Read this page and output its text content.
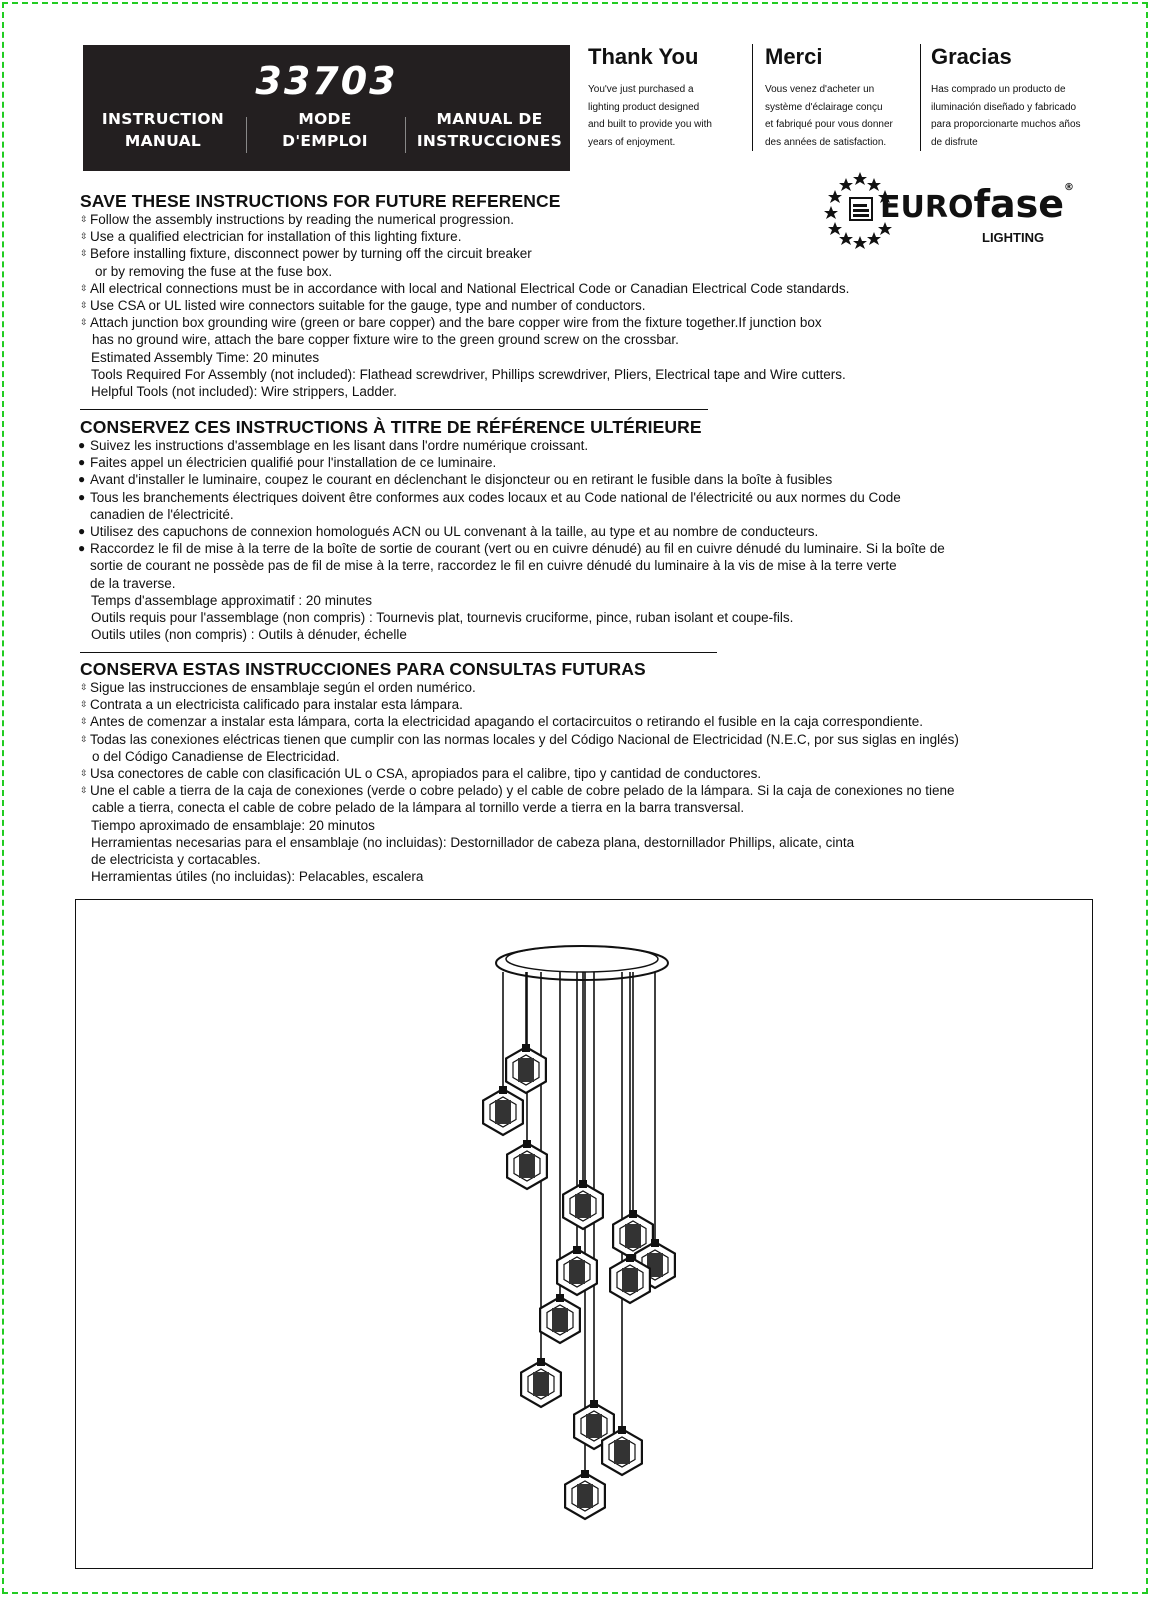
33703
INSTRUCTION
MANUAL
MODE
D'EMPLOI
MANUAL DE
INSTRUCCIONES
Thank You
You've just purchased a
lighting product designed
and built to provide you with
years of enjoyment.
Merci
Vous venez d'acheter un
système d'éclairage conçu
et fabriqué pour vous donner
des années de satisfaction.
Gracias
Has comprado un producto de
iluminación diseñado y fabricado
para proporcionarte muchos años
de disfrute
EUROfase®
LIGHTING
SAVE THESE INSTRUCTIONS FOR FUTURE REFERENCE
⇳ Follow the assembly instructions by reading the numerical progression.
⇳ Use a qualified electrician for installation of this lighting fixture.
⇳ Before installing fixture, disconnect power by turning off the circuit breaker
or by removing the fuse at the fuse box.
⇳ All electrical connections must be in accordance with local and National Electrical Code or Canadian Electrical Code standards.
⇳ Use CSA or UL listed wire connectors suitable for the gauge, type and number of conductors.
⇳ Attach junction box grounding wire (green or bare copper) and the bare copper wire from the fixture together.If junction box
has no ground wire, attach the bare copper fixture wire to the green ground screw on the crossbar.
Estimated Assembly Time: 20 minutes
Tools Required For Assembly (not included): Flathead screwdriver, Phillips screwdriver, Pliers, Electrical tape and Wire cutters.
Helpful Tools (not included): Wire strippers, Ladder.
CONSERVEZ CES INSTRUCTIONS À TITRE DE RÉFÉRENCE ULTÉRIEURE
● Suivez les instructions d'assemblage en les lisant dans l'ordre numérique croissant.
● Faites appel un électricien qualifié pour l'installation de ce luminaire.
● Avant d'installer le luminaire, coupez le courant en déclenchant le disjoncteur ou en retirant le fusible dans la boîte à fusibles
● Tous les branchements électriques doivent être conformes aux codes locaux et au Code national de l'électricité ou aux normes du Code
canadien de l'électricité.
● Utilisez des capuchons de connexion homologués ACN ou UL convenant à la taille, au type et au nombre de conducteurs.
● Raccordez le fil de mise à la terre de la boîte de sortie de courant (vert ou en cuivre dénudé) au fil en cuivre dénudé du luminaire. Si la boîte de
sortie de courant ne possède pas de fil de mise à la terre, raccordez le fil en cuivre dénudé du luminaire à la vis de mise à la terre verte
de la traverse.
Temps d'assemblage approximatif : 20 minutes
Outils requis pour l'assemblage (non compris) : Tournevis plat, tournevis cruciforme, pince, ruban isolant et coupe-fils.
Outils utiles (non compris) : Outils à dénuder, échelle
CONSERVA ESTAS INSTRUCCIONES PARA CONSULTAS FUTURAS
⇳ Sigue las instrucciones de ensamblaje según el orden numérico.
⇳ Contrata a un electricista calificado para instalar esta lámpara.
⇳ Antes de comenzar a instalar esta lámpara, corta la electricidad apagando el cortacircuitos o retirando el fusible en la caja correspondiente.
⇳ Todas las conexiones eléctricas tienen que cumplir con las normas locales y del Código Nacional de Electricidad (N.E.C, por sus siglas en inglés)
o del Código Canadiense de Electricidad.
⇳ Usa conectores de cable con clasificación UL o CSA, apropiados para el calibre, tipo y cantidad de conductores.
⇳ Une el cable a tierra de la caja de conexiones (verde o cobre pelado) y el cable de cobre pelado de la lámpara. Si la caja de conexiones no tiene
cable a tierra, conecta el cable de cobre pelado de la lámpara al tornillo verde a tierra en la barra transversal.
Tiempo aproximado de ensamblaje: 20 minutos
Herramientas necesarias para el ensamblaje (no incluidas): Destornillador de cabeza plana, destornillador Phillips, alicate, cinta
de electricista y cortacables.
Herramientas útiles (no incluidas): Pelacables, escalera
